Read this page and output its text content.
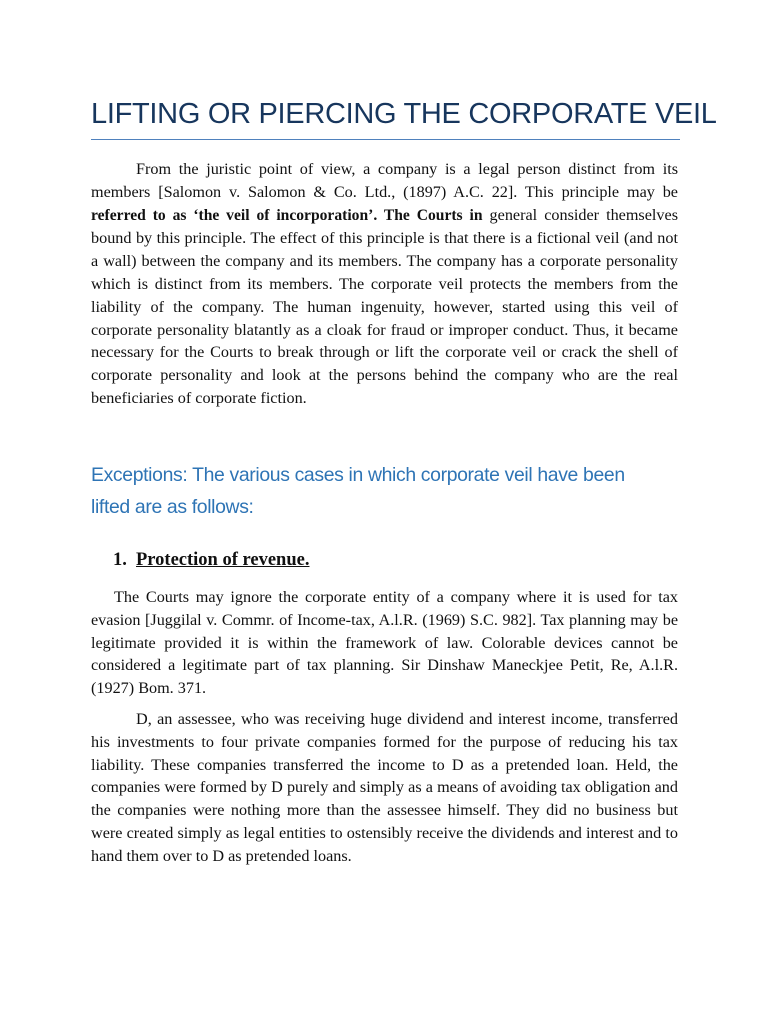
LIFTING OR PIERCING THE CORPORATE VEIL

From the juristic point of view, a company is a legal person distinct from its members [Salomon v. Salomon & Co. Ltd., (1897) A.C. 22]. This principle may be referred to as ‘the veil of incorporation’. The Courts in general consider themselves bound by this principle. The effect of this principle is that there is a fictional veil (and not a wall) between the company and its members. The company has a corporate personality which is distinct from its members. The corporate veil protects the members from the liability of the company. The human ingenuity, however, started using this veil of corporate personality blatantly as a cloak for fraud or improper conduct. Thus, it became necessary for the Courts to break through or lift the corporate veil or crack the shell of corporate personality and look at the persons behind the company who are the real beneficiaries of corporate fiction.

Exceptions: The various cases in which corporate veil have been
lifted are as follows:
1. Protection of revenue.

The Courts may ignore the corporate entity of a company where it is used for tax evasion [Juggilal v. Commr. of Income-tax, A.l.R. (1969) S.C. 982]. Tax planning may be legitimate provided it is within the framework of law. Colorable devices cannot be considered a legitimate part of tax planning. Sir Dinshaw Maneckjee Petit, Re, A.l.R. (1927) Bom. 371.

D, an assessee, who was receiving huge dividend and interest income, transferred his investments to four private companies formed for the purpose of reducing his tax liability. These companies transferred the income to D as a pretended loan. Held, the companies were formed by D purely and simply as a means of avoiding tax obligation and the companies were nothing more than the assessee himself. They did no business but were created simply as legal entities to ostensibly receive the dividends and interest and to hand them over to D as pretended loans.
